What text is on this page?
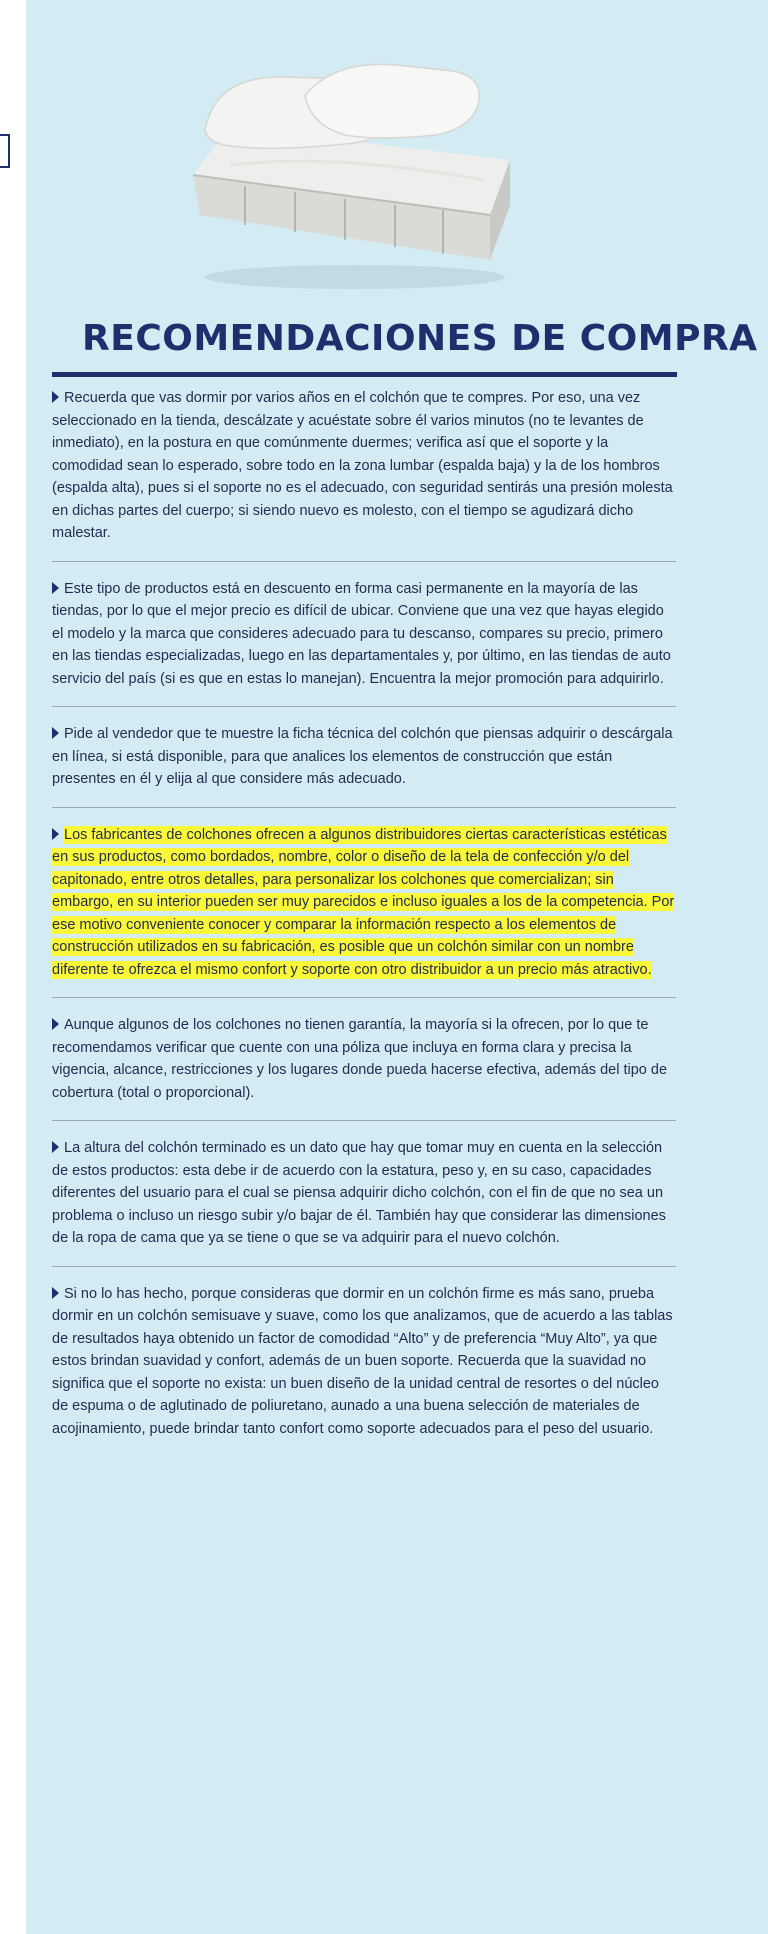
RECOMENDACIONES DE COMPRA

Recuerda que vas dormir por varios años en el colchón que te compres. Por eso, una vez seleccionado en la tienda, descálzate y acuéstate sobre él varios minutos (no te levantes de inmediato), en la postura en que comúnmente duermes; verifica así que el soporte y la comodidad sean lo esperado, sobre todo en la zona lumbar (espalda baja) y la de los hombros (espalda alta), pues si el soporte no es el adecuado, con seguridad sentirás una presión molesta en dichas partes del cuerpo; si siendo nuevo es molesto, con el tiempo se agudizará dicho malestar.

Este tipo de productos está en descuento en forma casi permanente en la mayoría de las tiendas, por lo que el mejor precio es difícil de ubicar. Conviene que una vez que hayas elegido el modelo y la marca que consideres adecuado para tu descanso, compares su precio, primero en las tiendas especializadas, luego en las departamentales y, por último, en las tiendas de auto servicio del país (si es que en estas lo manejan). Encuentra la mejor promoción para adquirirlo.

Pide al vendedor que te muestre la ficha técnica del colchón que piensas adquirir o descárgala en línea, si está disponible, para que analices los elementos de construcción que están presentes en él y elija al que considere más adecuado.

Los fabricantes de colchones ofrecen a algunos distribuidores ciertas características estéticas en sus productos, como bordados, nombre, color o diseño de la tela de confección y/o del capitonado, entre otros detalles, para personalizar los colchones que comercializan; sin embargo, en su interior pueden ser muy parecidos e incluso iguales a los de la competencia. Por ese motivo conveniente conocer y comparar la información respecto a los elementos de construcción utilizados en su fabricación, es posible que un colchón similar con un nombre diferente te ofrezca el mismo confort y soporte con otro distribuidor a un precio más atractivo.

Aunque algunos de los colchones no tienen garantía, la mayoría si la ofrecen, por lo que te recomendamos verificar que cuente con una póliza que incluya en forma clara y precisa la vigencia, alcance, restricciones y los lugares donde pueda hacerse efectiva, además del tipo de cobertura (total o proporcional).

La altura del colchón terminado es un dato que hay que tomar muy en cuenta en la selección de estos productos: esta debe ir de acuerdo con la estatura, peso y, en su caso, capacidades diferentes del usuario para el cual se piensa adquirir dicho colchón, con el fin de que no sea un problema o incluso un riesgo subir y/o bajar de él. También hay que considerar las dimensiones de la ropa de cama que ya se tiene o que se va adquirir para el nuevo colchón.

Si no lo has hecho, porque consideras que dormir en un colchón firme es más sano, prueba dormir en un colchón semisuave y suave, como los que analizamos, que de acuerdo a las tablas de resultados haya obtenido un factor de comodidad “Alto” y de preferencia “Muy Alto”, ya que estos brindan suavidad y confort, además de un buen soporte. Recuerda que la suavidad no significa que el soporte no exista: un buen diseño de la unidad central de resortes o del núcleo de espuma o de aglutinado de poliuretano, aunado a una buena selección de materiales de acojinamiento, puede brindar tanto confort como soporte adecuados para el peso del usuario.
